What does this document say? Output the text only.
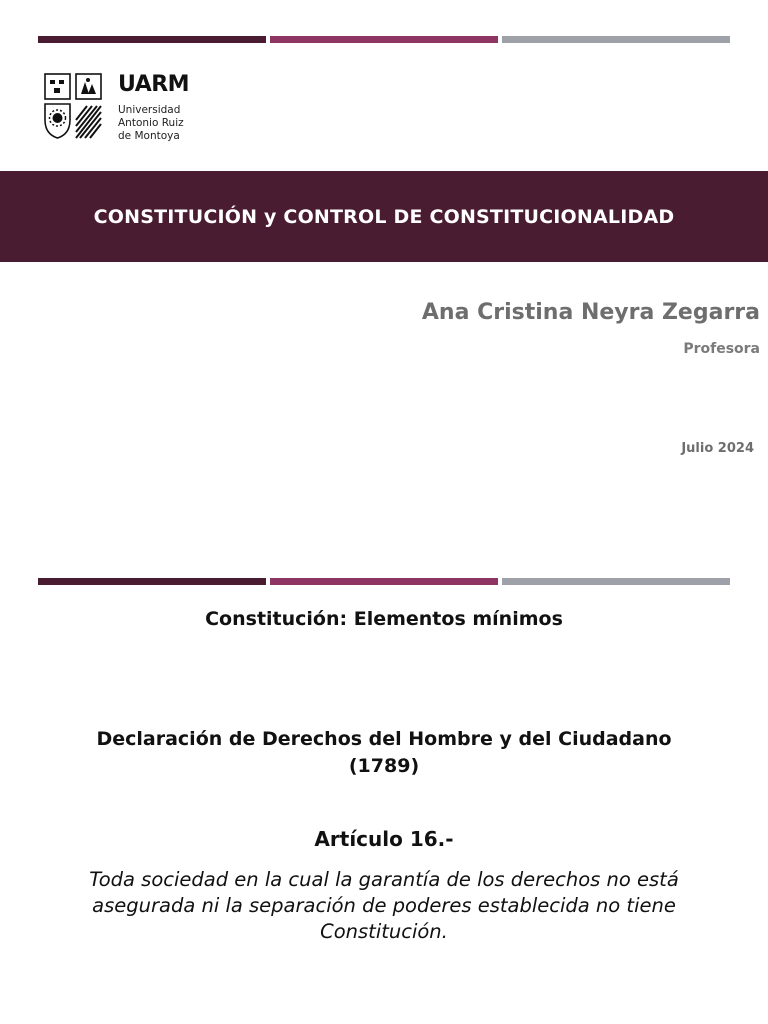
UARM
Universidad
Antonio Ruiz
de Montoya
CONSTITUCIÓN y CONTROL DE CONSTITUCIONALIDAD
Ana Cristina Neyra Zegarra
Profesora
Julio 2024
Constitución: Elementos mínimos
Declaración de Derechos del Hombre y del Ciudadano
(1789)
Artículo 16.-
Toda sociedad en la cual la garantía de los derechos no está
asegurada ni la separación de poderes establecida no tiene
Constitución.
